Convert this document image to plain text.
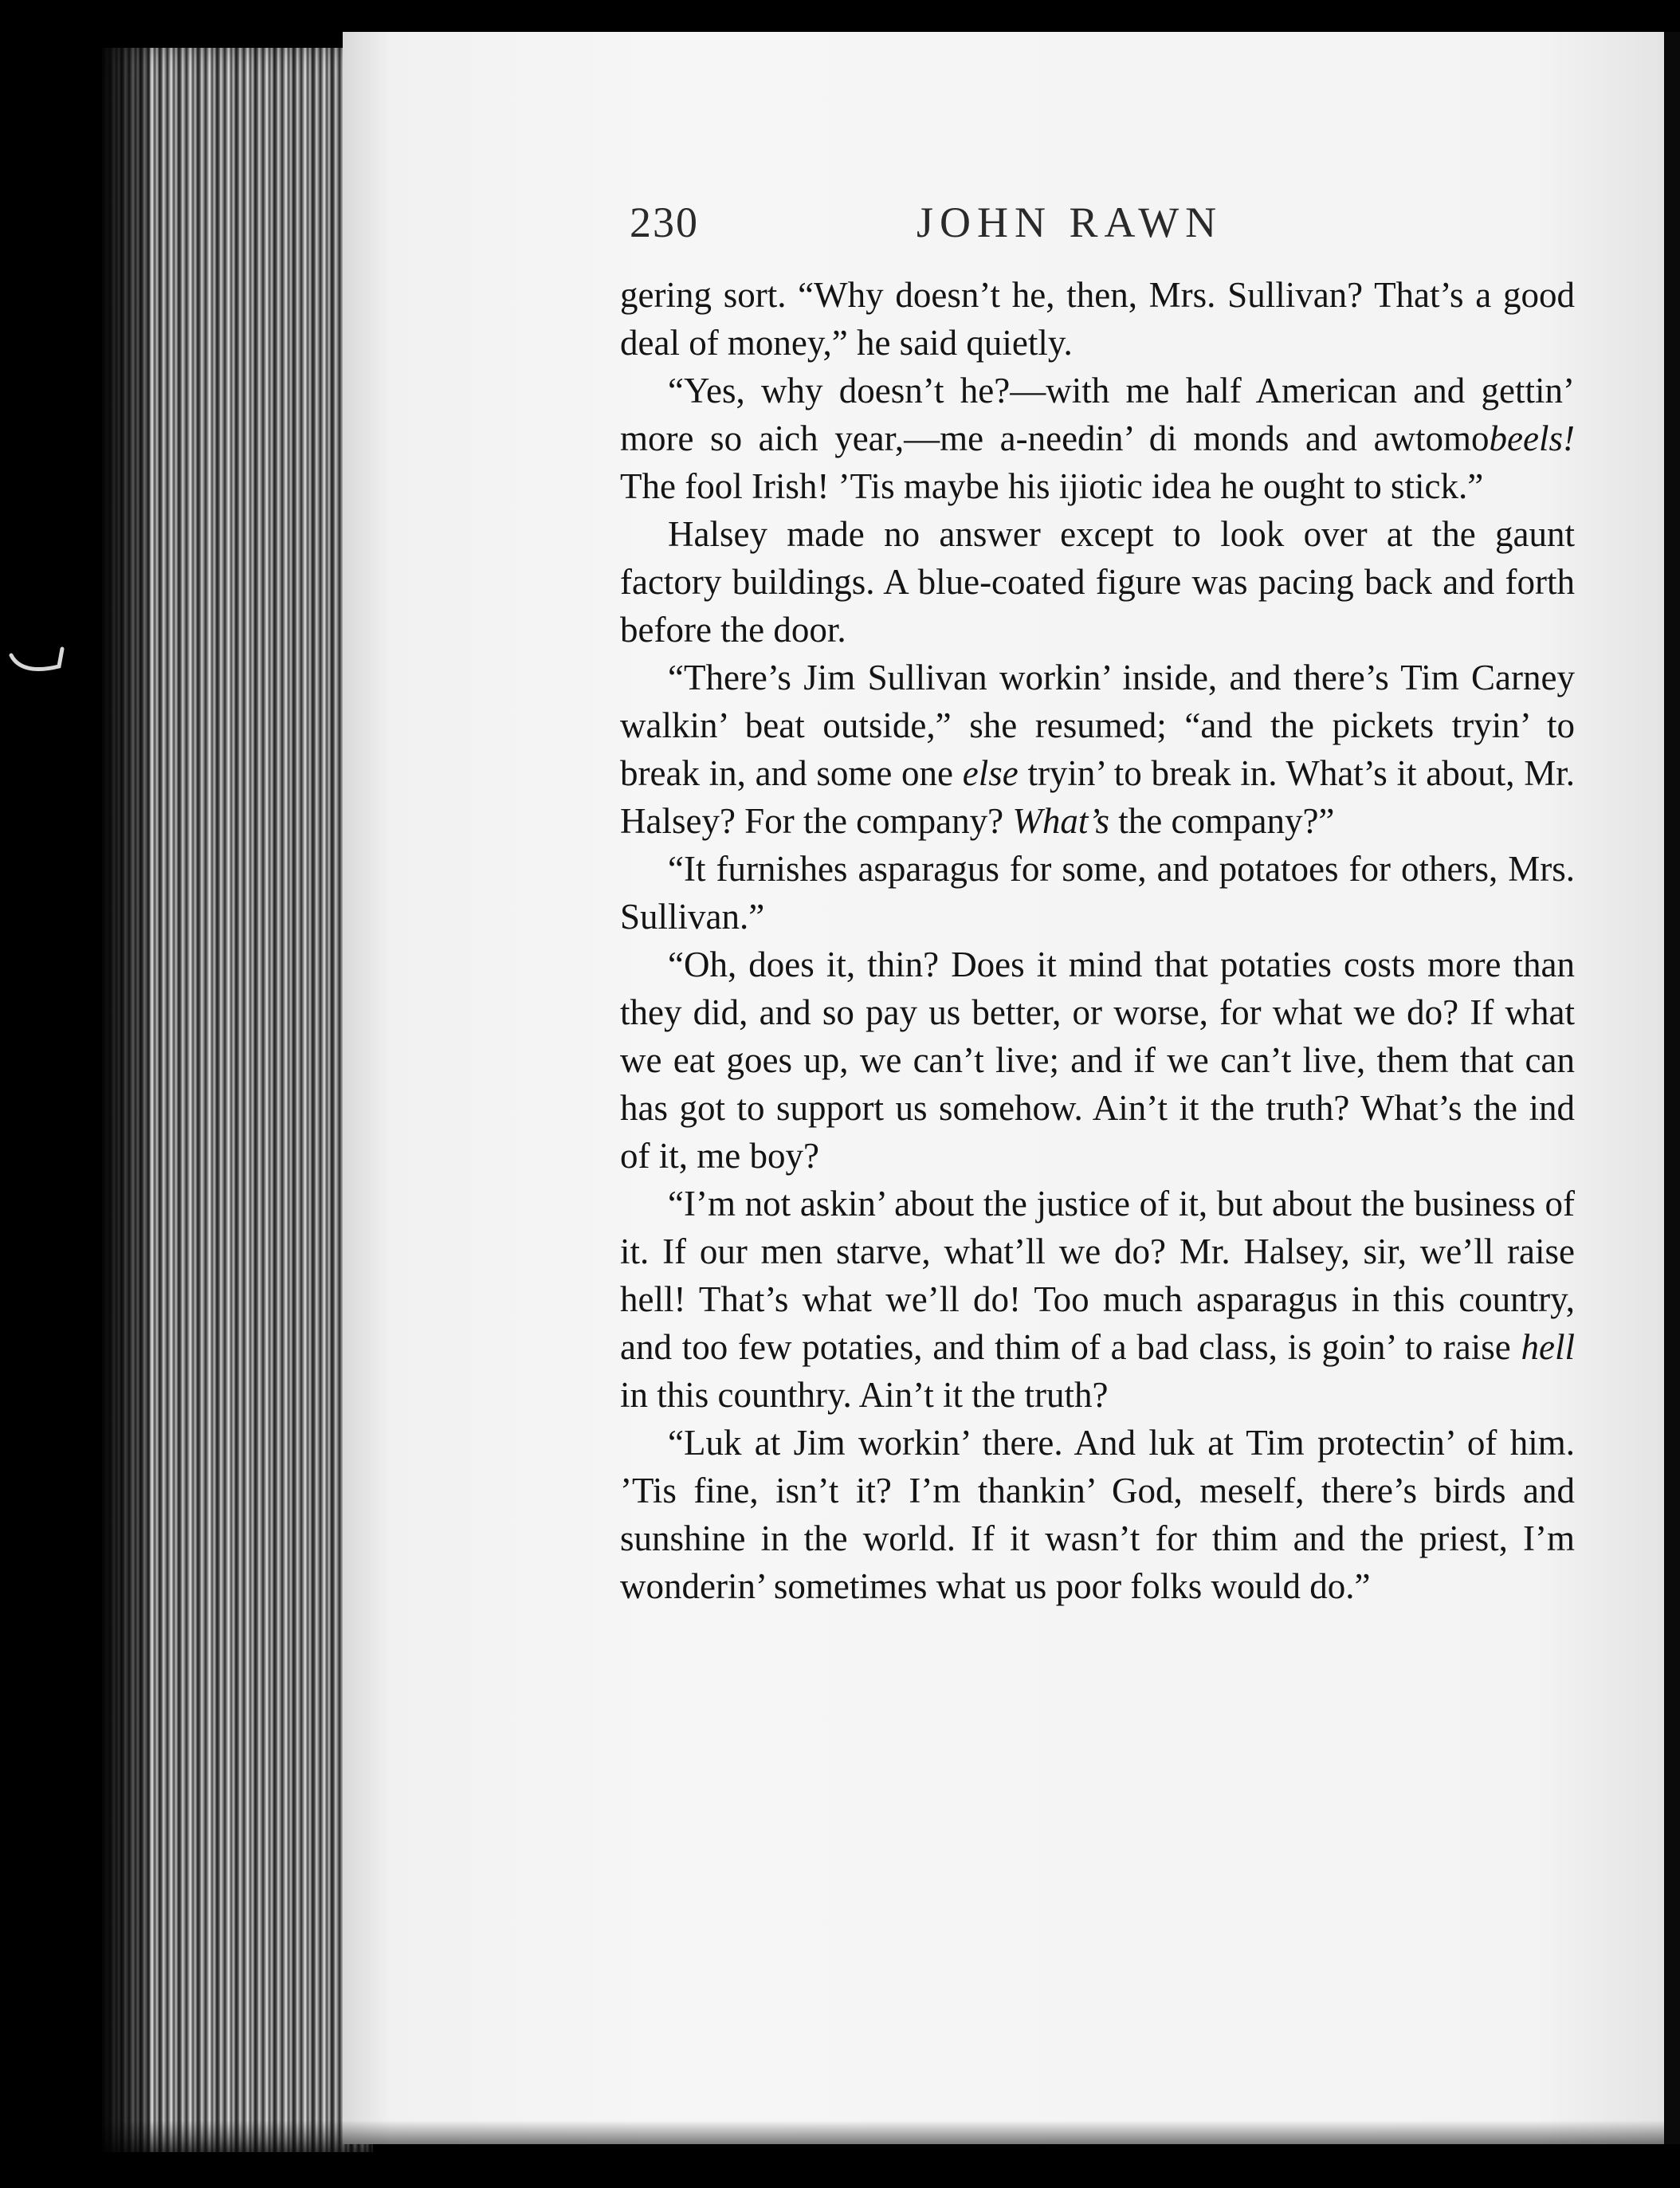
230	JOHN RAWN

gering sort. “Why doesn’t he, then, Mrs. Sullivan? That’s a good deal of money,” he said quietly.

“Yes, why doesn’t he?—with me half American and gettin’ more so aich year,—me a-needin’ di monds and awtomobeels! The fool Irish! ’Tis maybe his ijiotic idea he ought to stick.”

Halsey made no answer except to look over at the gaunt factory buildings. A blue-coated figure was pacing back and forth before the door.

“There’s Jim Sullivan workin’ inside, and there’s Tim Carney walkin’ beat outside,” she resumed; “and the pickets tryin’ to break in, and some one else tryin’ to break in. What’s it about, Mr. Halsey? For the company? What’s the company?”

“It furnishes asparagus for some, and potatoes for others, Mrs. Sullivan.”

“Oh, does it, thin? Does it mind that potaties costs more than they did, and so pay us better, or worse, for what we do? If what we eat goes up, we can’t live; and if we can’t live, them that can has got to support us somehow. Ain’t it the truth? What’s the ind of it, me boy?

“I’m not askin’ about the justice of it, but about the business of it. If our men starve, what’ll we do? Mr. Halsey, sir, we’ll raise hell! That’s what we’ll do! Too much asparagus in this country, and too few potaties, and thim of a bad class, is goin’ to raise hell in this counthry. Ain’t it the truth?

“Luk at Jim workin’ there. And luk at Tim protectin’ of him. ’Tis fine, isn’t it? I’m thankin’ God, meself, there’s birds and sunshine in the world. If it wasn’t for thim and the priest, I’m wonderin’ sometimes what us poor folks would do.”
